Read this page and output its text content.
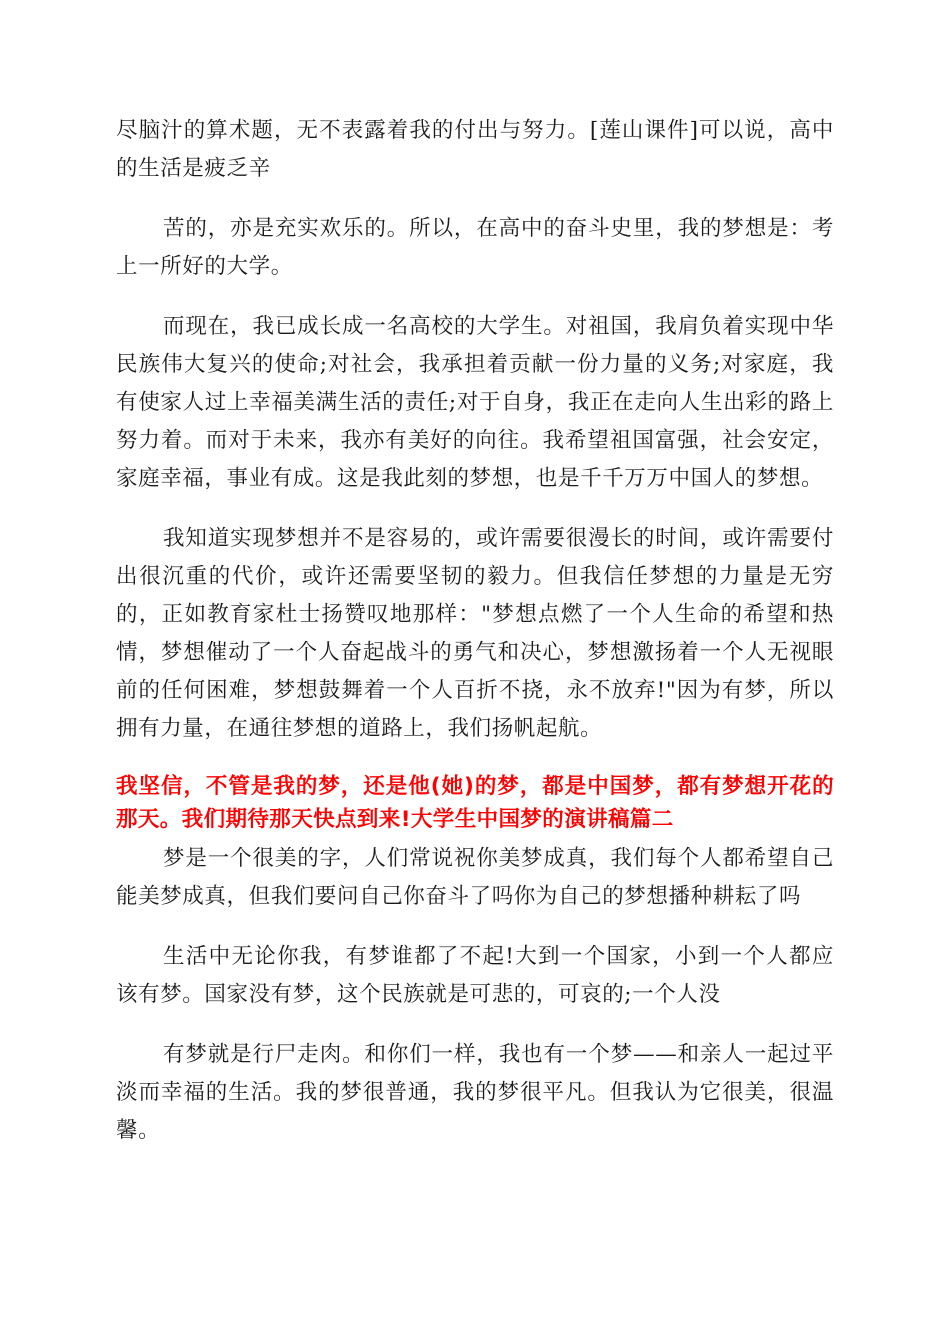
尽脑汁的算术题，无不表露着我的付出与努力。[莲山课件]可以说，高中的生活是疲乏辛

苦的，亦是充实欢乐的。所以，在高中的奋斗史里，我的梦想是：考上一所好的大学。

而现在，我已成长成一名高校的大学生。对祖国，我肩负着实现中华民族伟大复兴的使命;对社会，我承担着贡献一份力量的义务;对家庭，我有使家人过上幸福美满生活的责任;对于自身，我正在走向人生出彩的路上努力着。而对于未来，我亦有美好的向往。我希望祖国富强，社会安定，家庭幸福，事业有成。这是我此刻的梦想，也是千千万万中国人的梦想。

我知道实现梦想并不是容易的，或许需要很漫长的时间，或许需要付出很沉重的代价，或许还需要坚韧的毅力。但我信任梦想的力量是无穷的，正如教育家杜士扬赞叹地那样："梦想点燃了一个人生命的希望和热情，梦想催动了一个人奋起战斗的勇气和决心，梦想激扬着一个人无视眼前的任何困难，梦想鼓舞着一个人百折不挠，永不放弃!"因为有梦，所以拥有力量，在通往梦想的道路上，我们扬帆起航。

我坚信，不管是我的梦，还是他(她)的梦，都是中国梦，都有梦想开花的那天。我们期待那天快点到来!大学生中国梦的演讲稿篇二

梦是一个很美的字，人们常说祝你美梦成真，我们每个人都希望自己能美梦成真，但我们要问自己你奋斗了吗你为自己的梦想播种耕耘了吗

生活中无论你我，有梦谁都了不起!大到一个国家，小到一个人都应该有梦。国家没有梦，这个民族就是可悲的，可哀的;一个人没

有梦就是行尸走肉。和你们一样，我也有一个梦——和亲人一起过平淡而幸福的生活。我的梦很普通，我的梦很平凡。但我认为它很美，很温馨。
